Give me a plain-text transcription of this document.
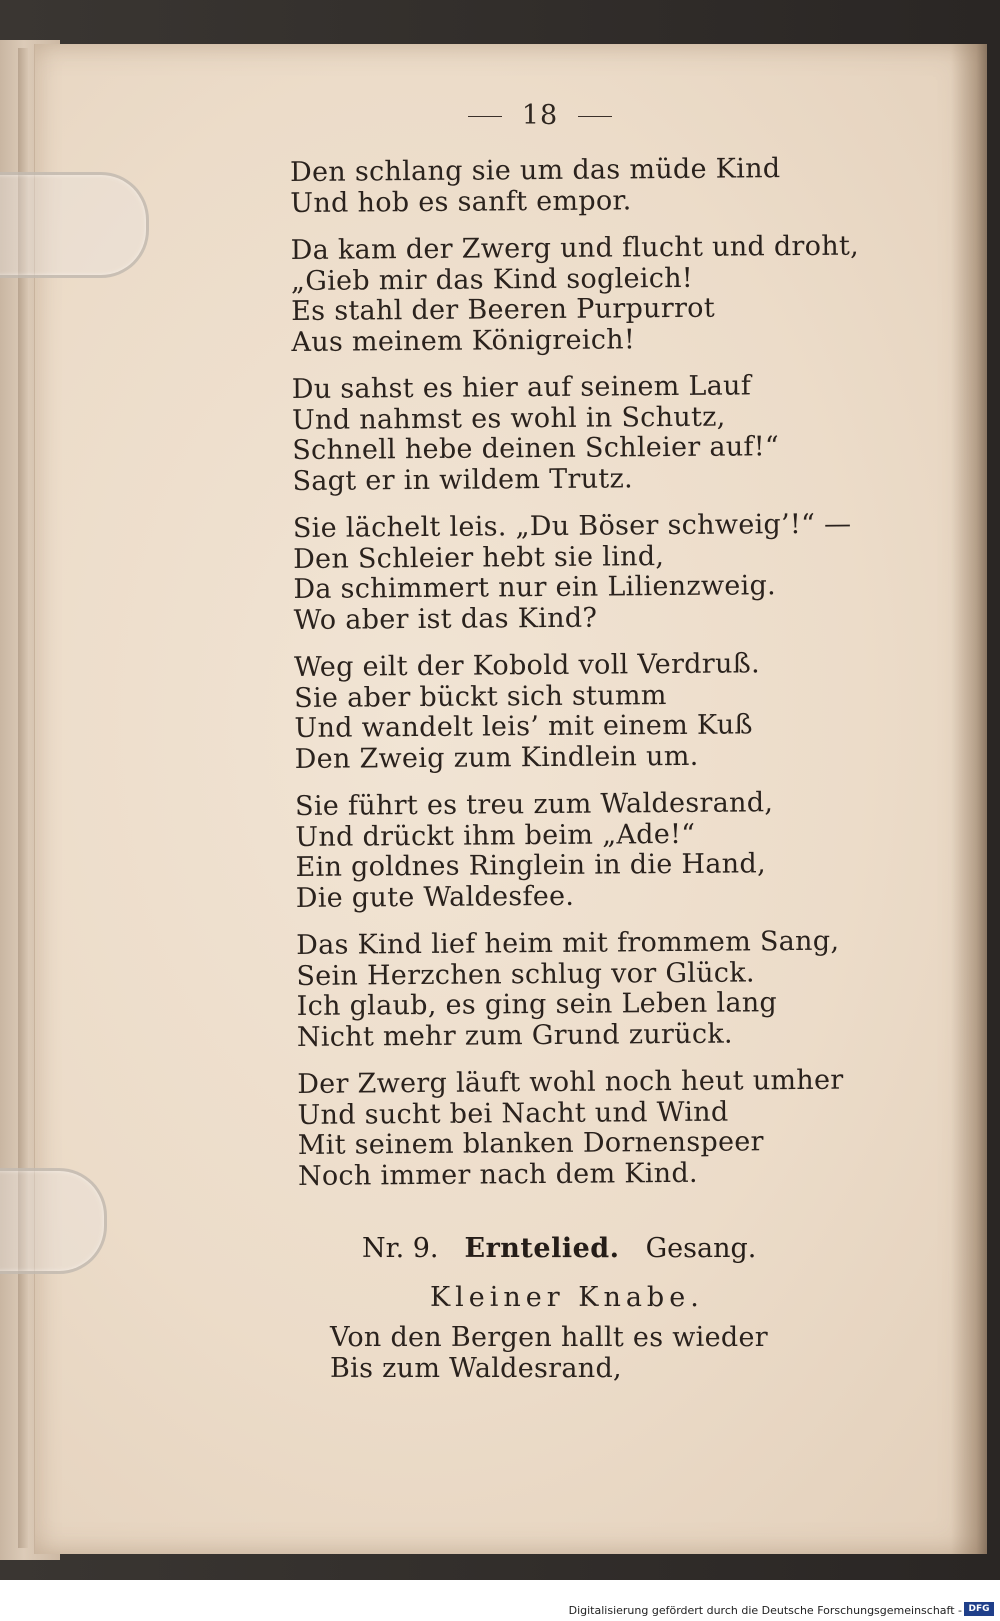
18
Den schlang sie um das müde Kind
Und hob es sanft empor.
Da kam der Zwerg und flucht und droht,
„Gieb mir das Kind sogleich!
Es stahl der Beeren Purpurrot
Aus meinem Königreich!
Du sahst es hier auf seinem Lauf
Und nahmst es wohl in Schutz,
Schnell hebe deinen Schleier auf!“
Sagt er in wildem Trutz.
Sie lächelt leis. „Du Böser schweig’!“ —
Den Schleier hebt sie lind,
Da schimmert nur ein Lilienzweig.
Wo aber ist das Kind?
Weg eilt der Kobold voll Verdruß.
Sie aber bückt sich stumm
Und wandelt leis’ mit einem Kuß
Den Zweig zum Kindlein um.
Sie führt es treu zum Waldesrand,
Und drückt ihm beim „Ade!“
Ein goldnes Ringlein in die Hand,
Die gute Waldesfee.
Das Kind lief heim mit frommem Sang,
Sein Herzchen schlug vor Glück.
Ich glaub, es ging sein Leben lang
Nicht mehr zum Grund zurück.
Der Zwerg läuft wohl noch heut umher
Und sucht bei Nacht und Wind
Mit seinem blanken Dornenspeer
Noch immer nach dem Kind.
Nr. 9. Erntelied. Gesang.
Kleiner Knabe.
Von den Bergen hallt es wieder
Bis zum Waldesrand,
Digitalisierung gefördert durch die Deutsche Forschungsgemeinschaft - DFG
